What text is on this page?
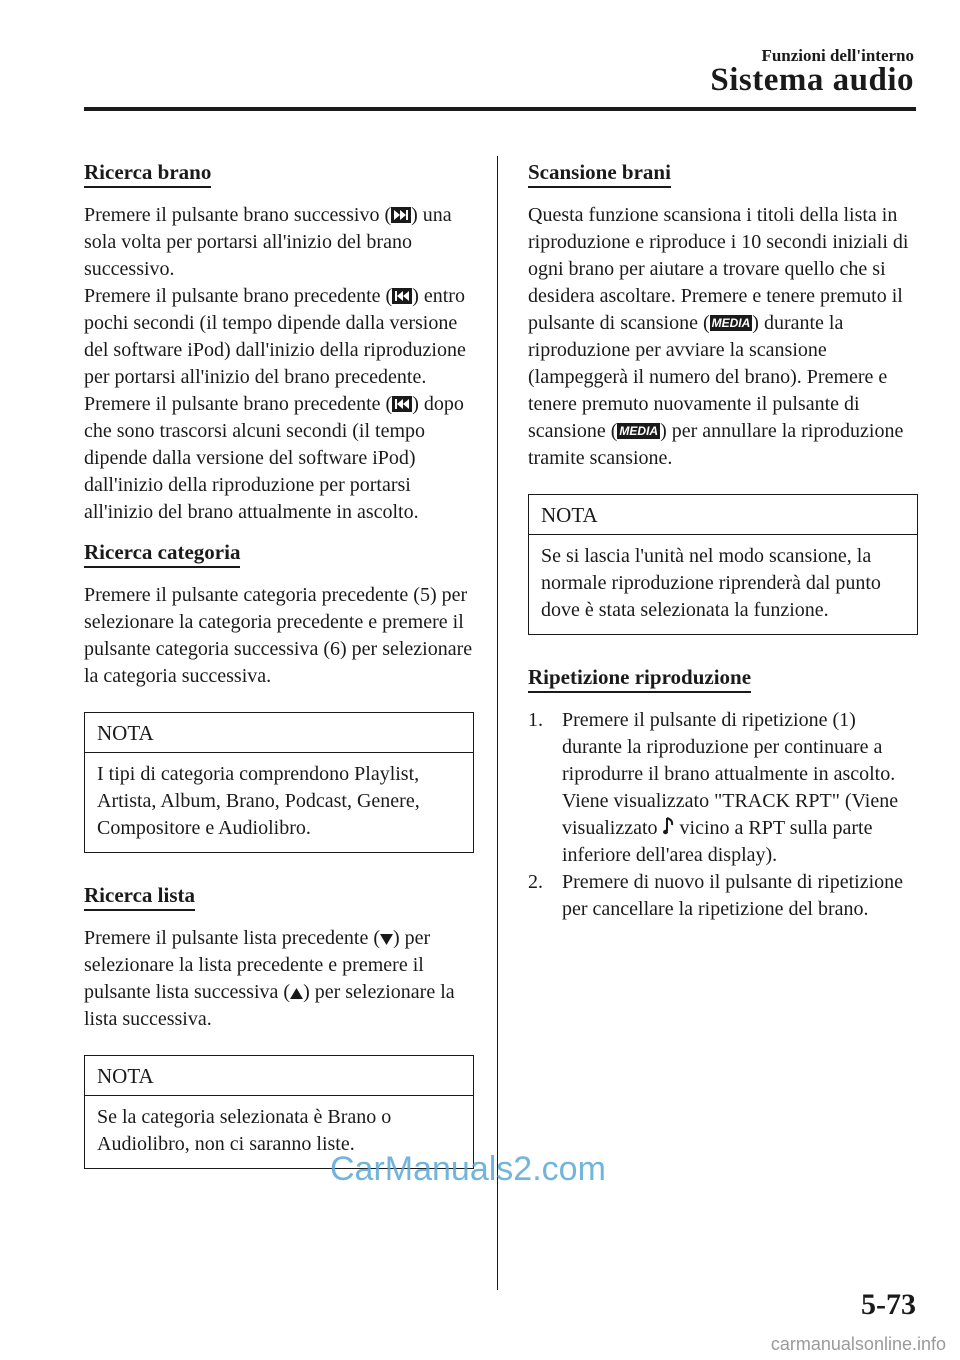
Funzioni dell'interno
Sistema audio
Ricerca brano

Premere il pulsante brano successivo ( ) una sola volta per portarsi all'inizio del brano successivo.
Premere il pulsante brano precedente ( ) entro pochi secondi (il tempo dipende dalla versione del software iPod) dall'inizio della riproduzione per portarsi all'inizio del brano precedente.
Premere il pulsante brano precedente ( ) dopo che sono trascorsi alcuni secondi (il tempo dipende dalla versione del software iPod) dall'inizio della riproduzione per portarsi all'inizio del brano attualmente in ascolto.

Ricerca categoria

Premere il pulsante categoria precedente (5) per selezionare la categoria precedente e premere il pulsante categoria successiva (6) per selezionare la categoria successiva.

NOTA
I tipi di categoria comprendono Playlist, Artista, Album, Brano, Podcast, Genere, Compositore e Audiolibro.
Ricerca lista

Premere il pulsante lista precedente ( ) per selezionare la lista precedente e premere il pulsante lista successiva ( ) per selezionare la lista successiva.

NOTA
Se la categoria selezionata è Brano o Audiolibro, non ci saranno liste.
Scansione brani

Questa funzione scansiona i titoli della lista in riproduzione e riproduce i 10 secondi iniziali di ogni brano per aiutare a trovare quello che si desidera ascoltare. Premere e tenere premuto il pulsante di scansione ( MEDIA ) durante la riproduzione per avviare la scansione (lampeggerà il numero del brano). Premere e tenere premuto nuovamente il pulsante di scansione ( MEDIA ) per annullare la riproduzione tramite scansione.

NOTA
Se si lascia l'unità nel modo scansione, la normale riproduzione riprenderà dal punto dove è stata selezionata la funzione.
Ripetizione riproduzione
1. Premere il pulsante di ripetizione (1) durante la riproduzione per continuare a riprodurre il brano attualmente in ascolto. Viene visualizzato "TRACK RPT" (Viene visualizzato  vicino a RPT sulla parte inferiore dell'area display).
2. Premere di nuovo il pulsante di ripetizione per cancellare la ripetizione del brano.
CarManuals2.com
5-73
carmanualsonline.info
